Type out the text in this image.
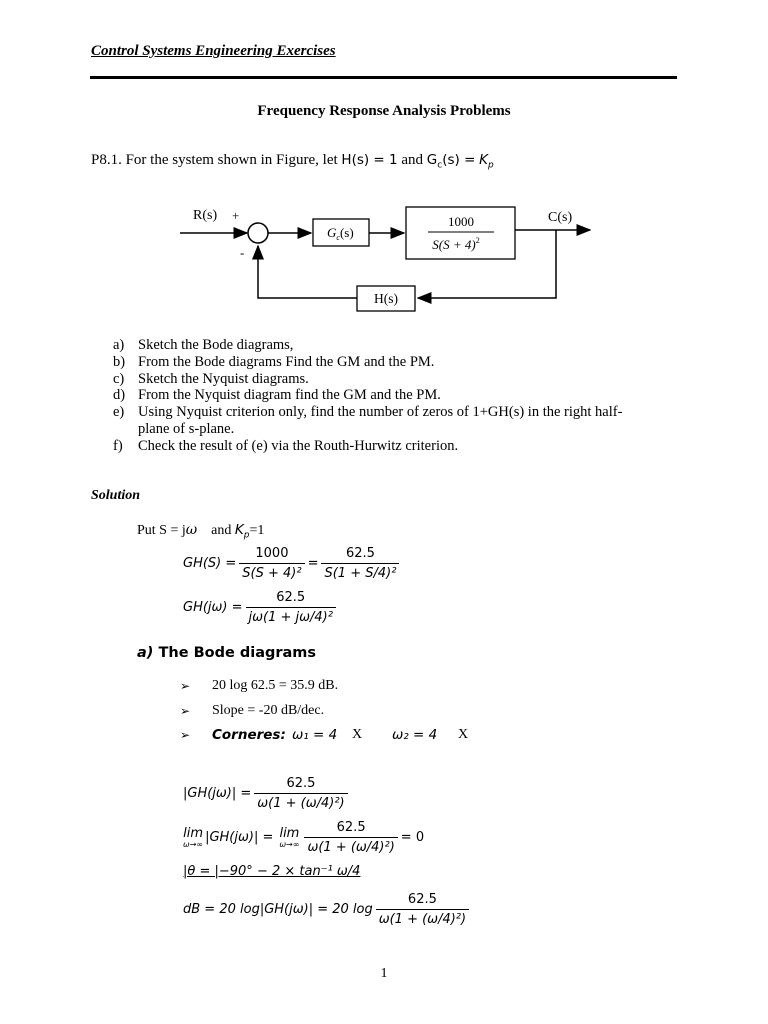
Control Systems Engineering Exercises
Frequency Response Analysis Problems
P8.1. For the system shown in Figure, let H(s) = 1 and $G_c(s) = K_p$
R(s) +
-
$G_c(s)$
1000
$S(S + 4)^2$
H(s)
C(s)
a) Sketch the Bode diagrams,
b) From the Bode diagrams Find the GM and the PM.
c) Sketch the Nyquist diagrams.
d) From the Nyquist diagram find the GM and the PM.
e) Using Nyquist criterion only, find the number of zeros of 1+GH(s) in the right half-
plane of s-plane.
f)	Check the result of (e) via the Routh-Hurwitz criterion.
Solution
Put S = jω and $K_p=1$
$GH(S) = \frac{1000}{\text{S(S + 4)²}} = \frac{62.5}{\text{S(1 + S/4)²}}$
$GH(j\omega) = \frac{62.5}{\text{jω(1 + jω/4)²}}$
a) The Bode diagrams
➢	20 log 62.5 = 35.9 dB.
➢	Slope = -20 dB/dec.
➢	Corneres: ω₁ = 4	X	ω₂ = 4	X
$|GH(j\omega)| = \frac{62.5}{\text{ω(1 + (ω/4)²)}}$
lim
ω→∞ |GH(jω)| = lim
$\omega\to\infty \frac{62.5}{\text{ω(1 + (ω/4)²)}} = 0$
|θ = |−90° − 2 × tan⁻¹ ω/4
dB = 20 log|GH(jω)| = 20 $\log \frac{62.5}{\text{ω(1 + (ω/4)²)}}$
1
